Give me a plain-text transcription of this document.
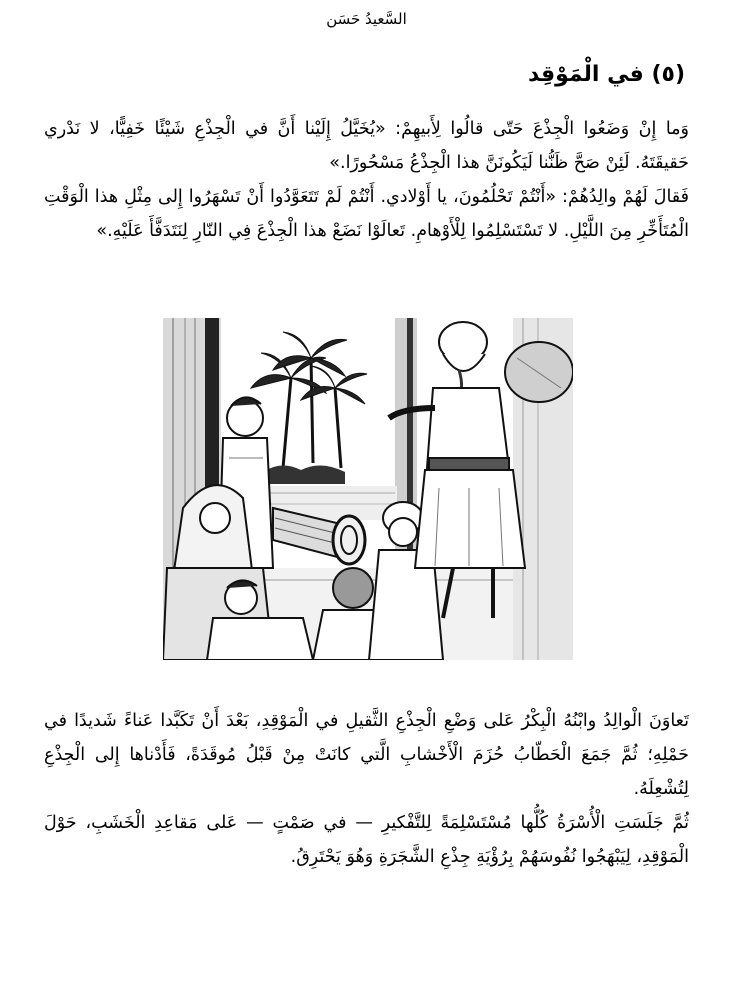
السَّعيدُ حَسَن
(٥) في الْمَوْقِد

وَما إِنْ وَضَعُوا الْجِذْعَ حَتّى قالُوا لِأَبيهِمْ: «يُخَيَّلُ إِلَيْنا أَنَّ في الْجِذْعِ شَيْئًا خَفِيًّا، لا نَدْري حَقيقَتَهُ. لَئِنْ صَحَّ ظَنُّنا لَيَكُونَنَّ هذا الْجِذْعُ مَسْحُورًا.»

فَقالَ لَهُمْ والِدُهُمْ: «أَنْتُمْ تَحْلُمُونَ، يا أَوْلادي. أَنْتُمْ لَمْ تَتَعَوَّدُوا أَنْ تَسْهَرُوا إِلى مِثْلِ هذا الْوَقْتِ الْمُتَأَخِّرِ مِنَ اللَّيْلِ. لا تَسْتَسْلِمُوا لِلْأَوْهامِ. تَعالَوْا نَضَعْ هذا الْجِذْعَ فِي النّارِ لِنَتَدَفَّأَ عَلَيْهِ.»

تَعاوَنَ الْوالِدُ وابْنُهُ الْبِكْرُ عَلى وَضْعِ الْجِذْعِ الثَّقيلِ في الْمَوْقِدِ، بَعْدَ أَنْ تَكَبَّدا عَناءً شَديدًا في حَمْلِهِ؛ ثُمَّ جَمَعَ الْحَطّابُ حُزَمَ الْأَخْشابِ الَّتي كانَتْ مِنْ قَبْلُ مُوقَدَةً، فَأَدْناها إِلى الْجِذْعِ لِتُشْعِلَهُ.

ثُمَّ جَلَسَتِ الْأُسْرَةُ كُلُّها مُسْتَسْلِمَةً لِلتَّفْكيرِ — في صَمْتٍ — عَلى مَقاعِدِ الْخَشَبِ، حَوْلَ الْمَوْقِدِ، لِيَبْهَجُوا نُفُوسَهُمْ بِرُؤْيَةِ جِذْعِ الشَّجَرَةِ وَهُوَ يَحْتَرِقُ.
